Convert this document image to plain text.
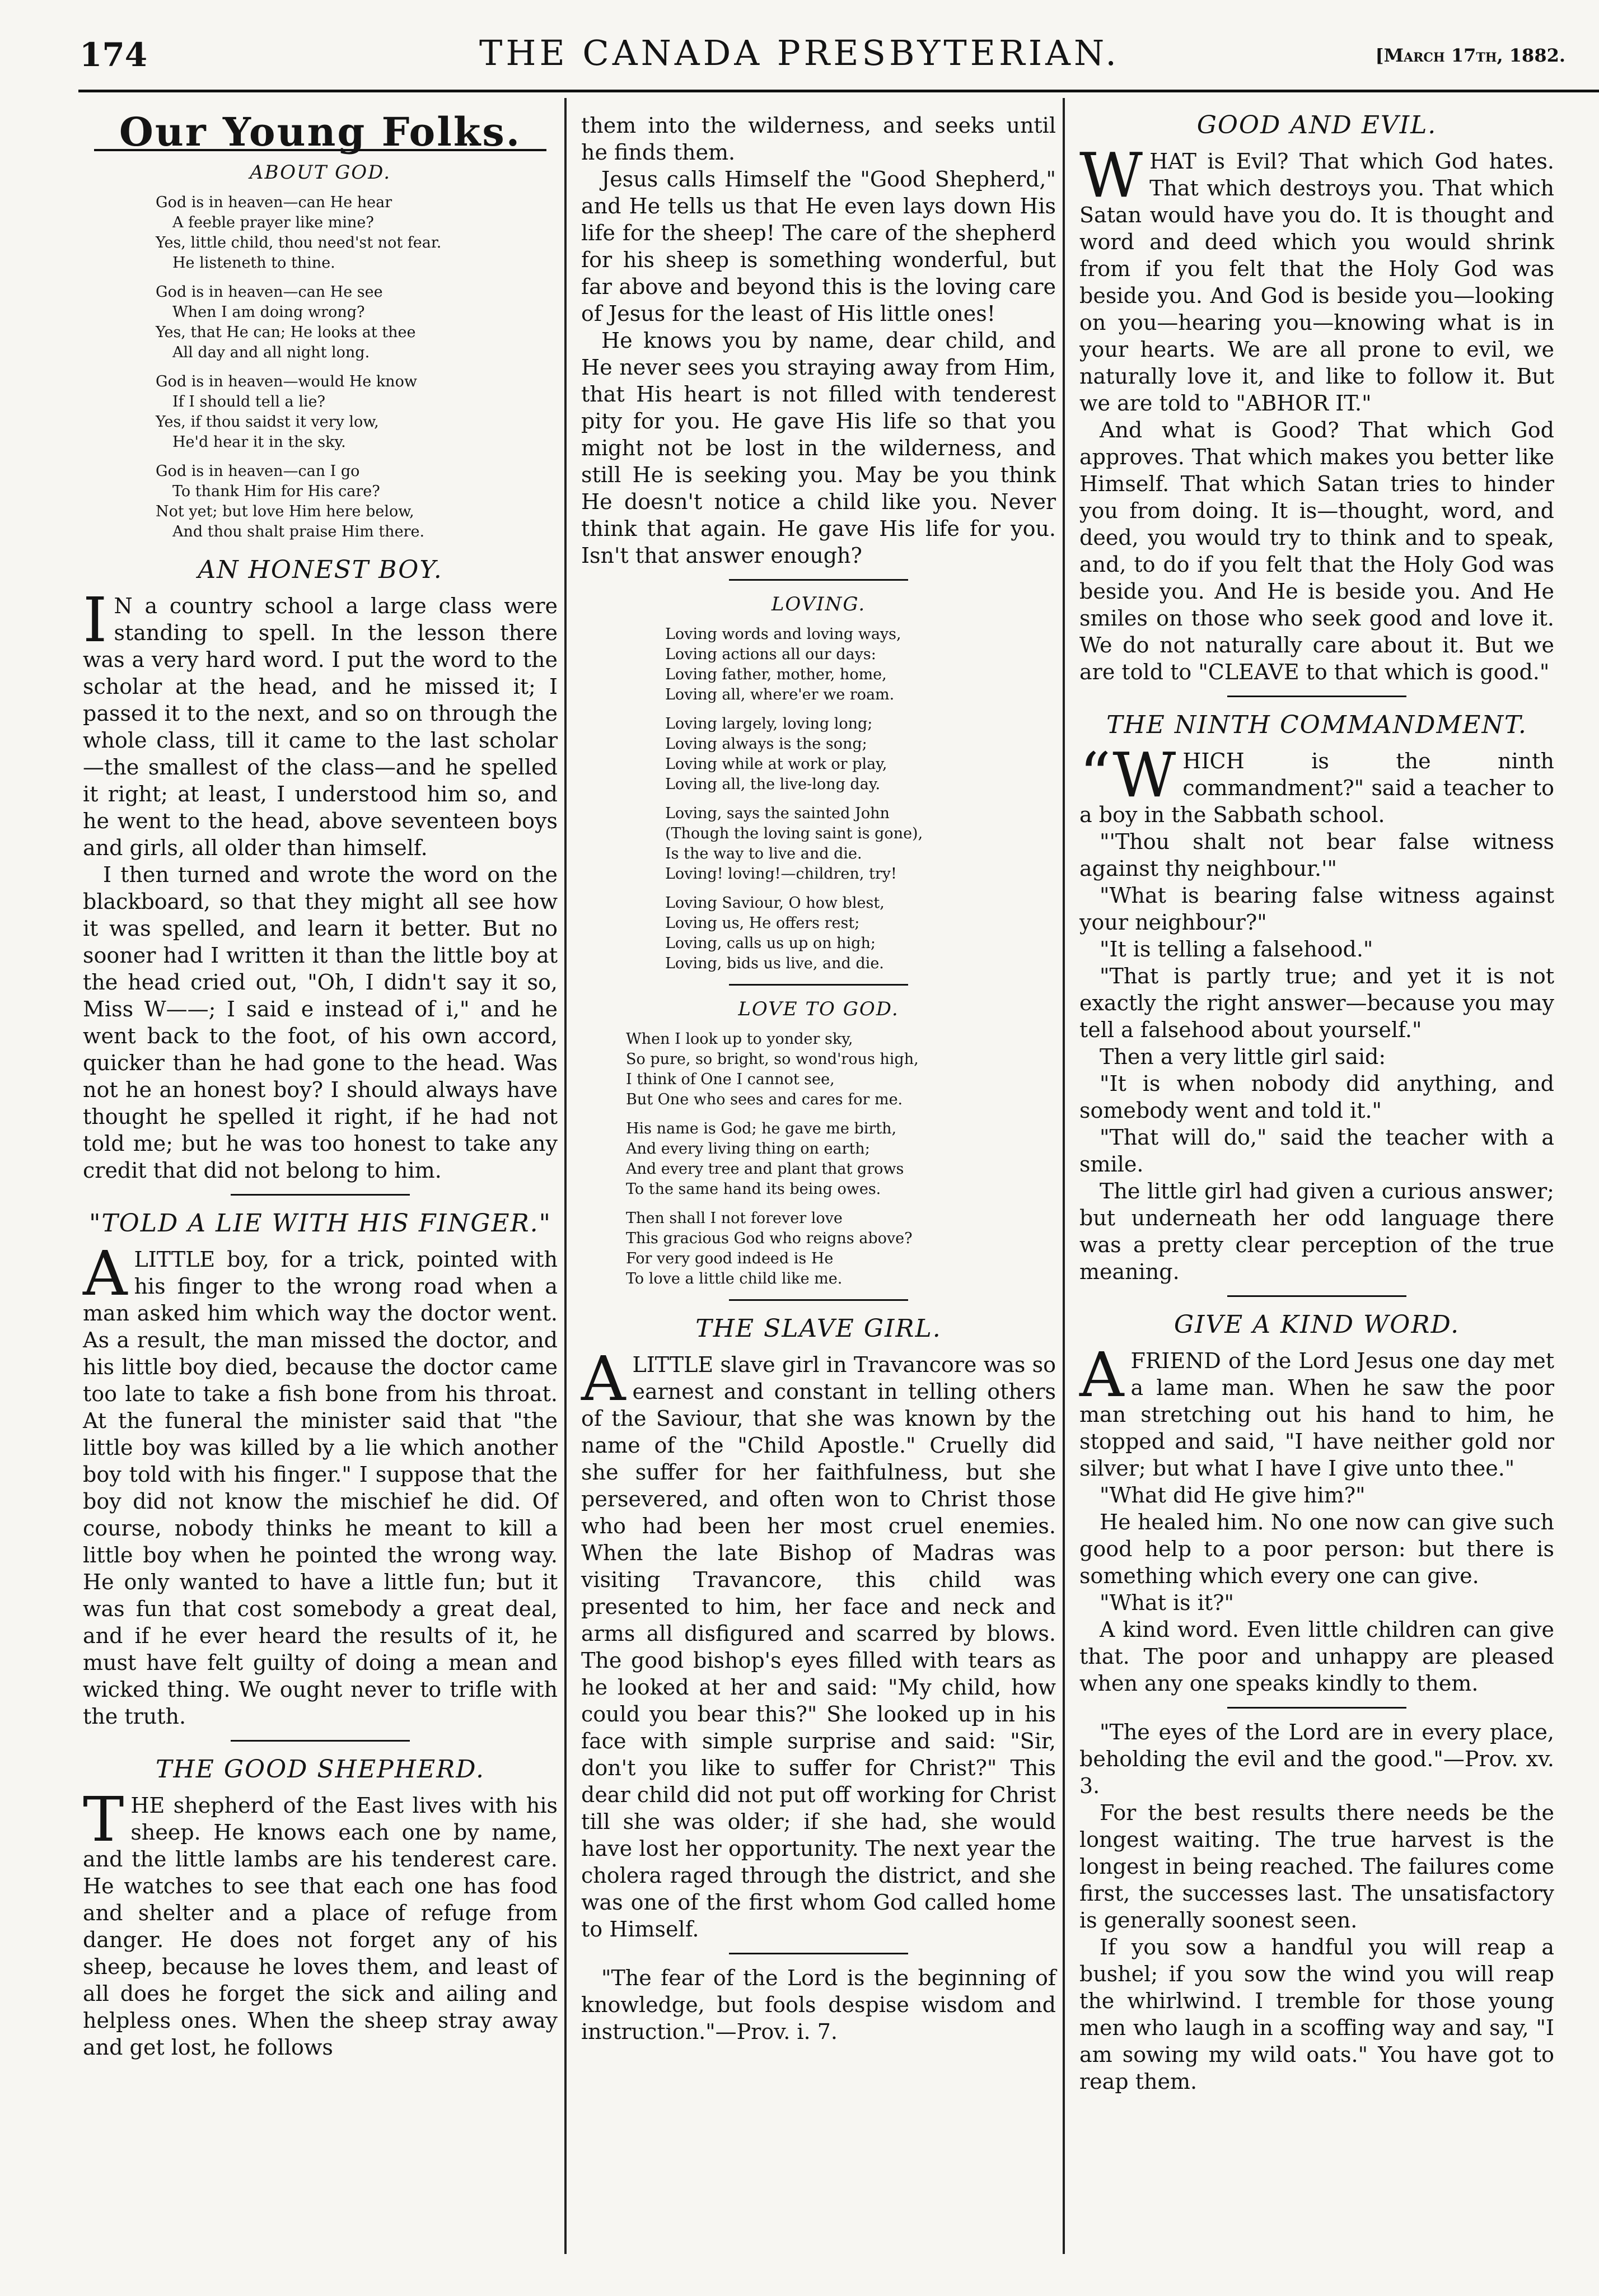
174	THE CANADA PRESBYTERIAN.	[March 17th, 1882.
Our Young Folks.
ABOUT GOD.
God is in heaven—can He hear
A feeble prayer like mine?
Yes, little child, thou need'st not fear.
He listeneth to thine.
God is in heaven—can He see
When I am doing wrong?
Yes, that He can; He looks at thee
All day and all night long.
God is in heaven—would He know
If I should tell a lie?
Yes, if thou saidst it very low,
He'd hear it in the sky.
God is in heaven—can I go
To thank Him for His care?
Not yet; but love Him here below,
And thou shalt praise Him there.
AN HONEST BOY.

I N a country school a large class were standing to spell. In the lesson there was a very hard word. I put the word to the scholar at the head, and he missed it; I passed it to the next, and so on through the whole class, till it came to the last scholar—the smallest of the class—and he spelled it right; at least, I understood him so, and he went to the head, above seventeen boys and girls, all older than himself.

I then turned and wrote the word on the blackboard, so that they might all see how it was spelled, and learn it better. But no sooner had I written it than the little boy at the head cried out, "Oh, I didn't say it so, Miss W——; I said e instead of i," and he went back to the foot, of his own accord, quicker than he had gone to the head. Was not he an honest boy? I should always have thought he spelled it right, if he had not told me; but he was too honest to take any credit that did not belong to him.

"TOLD A LIE WITH HIS FINGER."

ALITTLE boy, for a trick, pointed with his finger to the wrong road when a man asked him which way the doctor went. As a result, the man missed the doctor, and his little boy died, because the doctor came too late to take a fish bone from his throat. At the funeral the minister said that "the little boy was killed by a lie which another boy told with his finger." I suppose that the boy did not know the mischief he did. Of course, nobody thinks he meant to kill a little boy when he pointed the wrong way. He only wanted to have a little fun; but it was fun that cost somebody a great deal, and if he ever heard the results of it, he must have felt guilty of doing a mean and wicked thing. We ought never to trifle with the truth.

THE GOOD SHEPHERD.

THE shepherd of the East lives with his sheep. He knows each one by name, and the little lambs are his tenderest care. He watches to see that each one has food and shelter and a place of refuge from danger. He does not forget any of his sheep, because he loves them, and least of all does he forget the sick and ailing and helpless ones. When the sheep stray away and get lost, he follows

them into the wilderness, and seeks until he finds them.

Jesus calls Himself the "Good Shepherd," and He tells us that He even lays down His life for the sheep! The care of the shepherd for his sheep is something wonderful, but far above and beyond this is the loving care of Jesus for the least of His little ones!

He knows you by name, dear child, and He never sees you straying away from Him, that His heart is not filled with tenderest pity for you. He gave His life so that you might not be lost in the wilderness, and still He is seeking you. May be you think He doesn't notice a child like you. Never think that again. He gave His life for you. Isn't that answer enough?

LOVING.
Loving words and loving ways,
Loving actions all our days:
Loving father, mother, home,
Loving all, where'er we roam.
Loving largely, loving long;
Loving always is the song;
Loving while at work or play,
Loving all, the live-long day.
Loving, says the sainted John
(Though the loving saint is gone),
Is the way to live and die.
Loving! loving!—children, try!
Loving Saviour, O how blest,
Loving us, He offers rest;
Loving, calls us up on high;
Loving, bids us live, and die.
LOVE TO GOD.
When I look up to yonder sky,
So pure, so bright, so wond'rous high,
I think of One I cannot see,
But One who sees and cares for me.
His name is God; he gave me birth,
And every living thing on earth;
And every tree and plant that grows
To the same hand its being owes.
Then shall I not forever love
This gracious God who reigns above?
For very good indeed is He
To love a little child like me.
THE SLAVE GIRL.

ALITTLE slave girl in Travancore was so earnest and constant in telling others of the Saviour, that she was known by the name of the "Child Apostle." Cruelly did she suffer for her faithfulness, but she persevered, and often won to Christ those who had been her most cruel enemies. When the late Bishop of Madras was visiting Travancore, this child was presented to him, her face and neck and arms all disfigured and scarred by blows. The good bishop's eyes filled with tears as he looked at her and said: "My child, how could you bear this?" She looked up in his face with simple surprise and said: "Sir, don't you like to suffer for Christ?" This dear child did not put off working for Christ till she was older; if she had, she would have lost her opportunity. The next year the cholera raged through the district, and she was one of the first whom God called home to Himself.

"The fear of the Lord is the beginning of knowledge, but fools despise wisdom and instruction."—Prov. i. 7.

GOOD AND EVIL.

WHAT is Evil? That which God hates. That which destroys you. That which Satan would have you do. It is thought and word and deed which you would shrink from if you felt that the Holy God was beside you. And God is beside you—looking on you—hearing you—knowing what is in your hearts. We are all prone to evil, we naturally love it, and like to follow it. But we are told to "ABHOR IT."

And what is Good? That which God approves. That which makes you better like Himself. That which Satan tries to hinder you from doing. It is—thought, word, and deed, you would try to think and to speak, and, to do if you felt that the Holy God was beside you. And He is beside you. And He smiles on those who seek good and love it. We do not naturally care about it. But we are told to "CLEAVE to that which is good."

THE NINTH COMMANDMENT.

“WHICH is the ninth commandment?" said a teacher to a boy in the Sabbath school.

"'Thou shalt not bear false witness against thy neighbour.'"

"What is bearing false witness against your neighbour?"

"It is telling a falsehood."

"That is partly true; and yet it is not exactly the right answer—because you may tell a falsehood about yourself."

Then a very little girl said:

"It is when nobody did anything, and somebody went and told it."

"That will do," said the teacher with a smile.

The little girl had given a curious answer; but underneath her odd language there was a pretty clear perception of the true meaning.

GIVE A KIND WORD.

AFRIEND of the Lord Jesus one day met a lame man. When he saw the poor man stretching out his hand to him, he stopped and said, "I have neither gold nor silver; but what I have I give unto thee."

"What did He give him?"

He healed him. No one now can give such good help to a poor person: but there is something which every one can give.

"What is it?"

A kind word. Even little children can give that. The poor and unhappy are pleased when any one speaks kindly to them.

"The eyes of the Lord are in every place, beholding the evil and the good."—Prov. xv. 3.

For the best results there needs be the longest waiting. The true harvest is the longest in being reached. The failures come first, the successes last. The unsatisfactory is generally soonest seen.

If you sow a handful you will reap a bushel; if you sow the wind you will reap the whirlwind. I tremble for those young men who laugh in a scoffing way and say, "I am sowing my wild oats." You have got to reap them.
